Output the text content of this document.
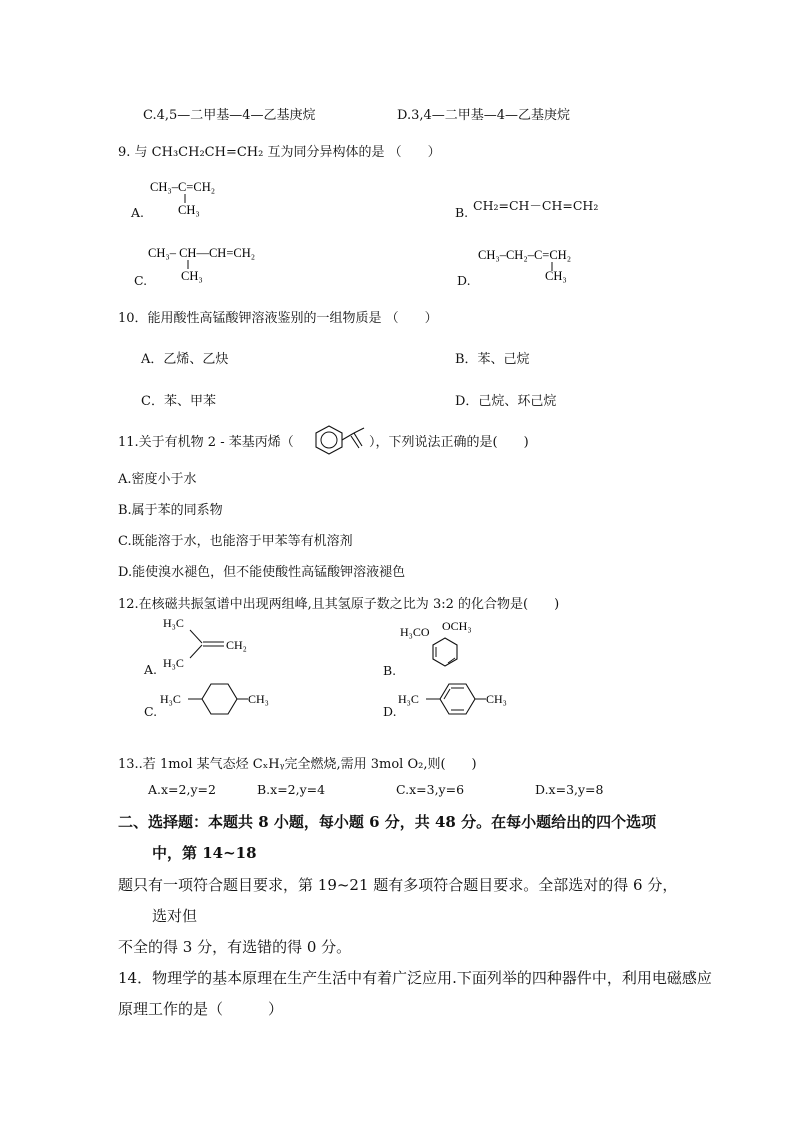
C.4,5—二甲基—4—乙基庚烷	D.3,4—二甲基—4—乙基庚烷
9. 与 CH₃CH₂CH=CH₂ 互为同分异构体的是 （　　）
A.
CH₃‒C=CH₂
CH₃	B. CH₂=CH－CH=CH₂
C.
CH₃‒ CH—CH=CH₂
CH₃	D.
CH₃‒CH₂‒C=CH₂
CH₃
10．能用酸性高锰酸钾溶液鉴别的一组物质是 （　　）
A．乙烯、乙炔	B．苯、己烷
C．苯、甲苯	D．己烷、环己烷
11.关于有机物 2 - 苯基丙烯（	），下列说法正确的是(　　)
A.密度小于水
B.属于苯的同系物
C.既能溶于水，也能溶于甲苯等有机溶剂
D.能使溴水褪色，但不能使酸性高锰酸钾溶液褪色
12.在核磁共振氢谱中出现两组峰,且其氢原子数之比为 3:2 的化合物是(　　)
A.
H₃C
H₃C
CH₂
B.
H₃CO OCH₃
C.
H₃C	CH₃
D.
H₃C	CH₃
13..若 1mol 某气态烃 CₓHᵧ完全燃烧,需用 3mol O₂,则(　　)
A.x=2,y=2	B.x=2,y=4	C.x=3,y=6	D.x=3,y=8
二、选择题：本题共 8 小题，每小题 6 分，共 48 分。在每小题给出的四个选项
中，第 14~18
题只有一项符合题目要求，第 19~21 题有多项符合题目要求。全部选对的得 6 分，
选对但
不全的得 3 分，有选错的得 0 分。
14．物理学的基本原理在生产生活中有着广泛应用.下面列举的四种器件中，利用电磁感应
原理工作的是（　　　）
